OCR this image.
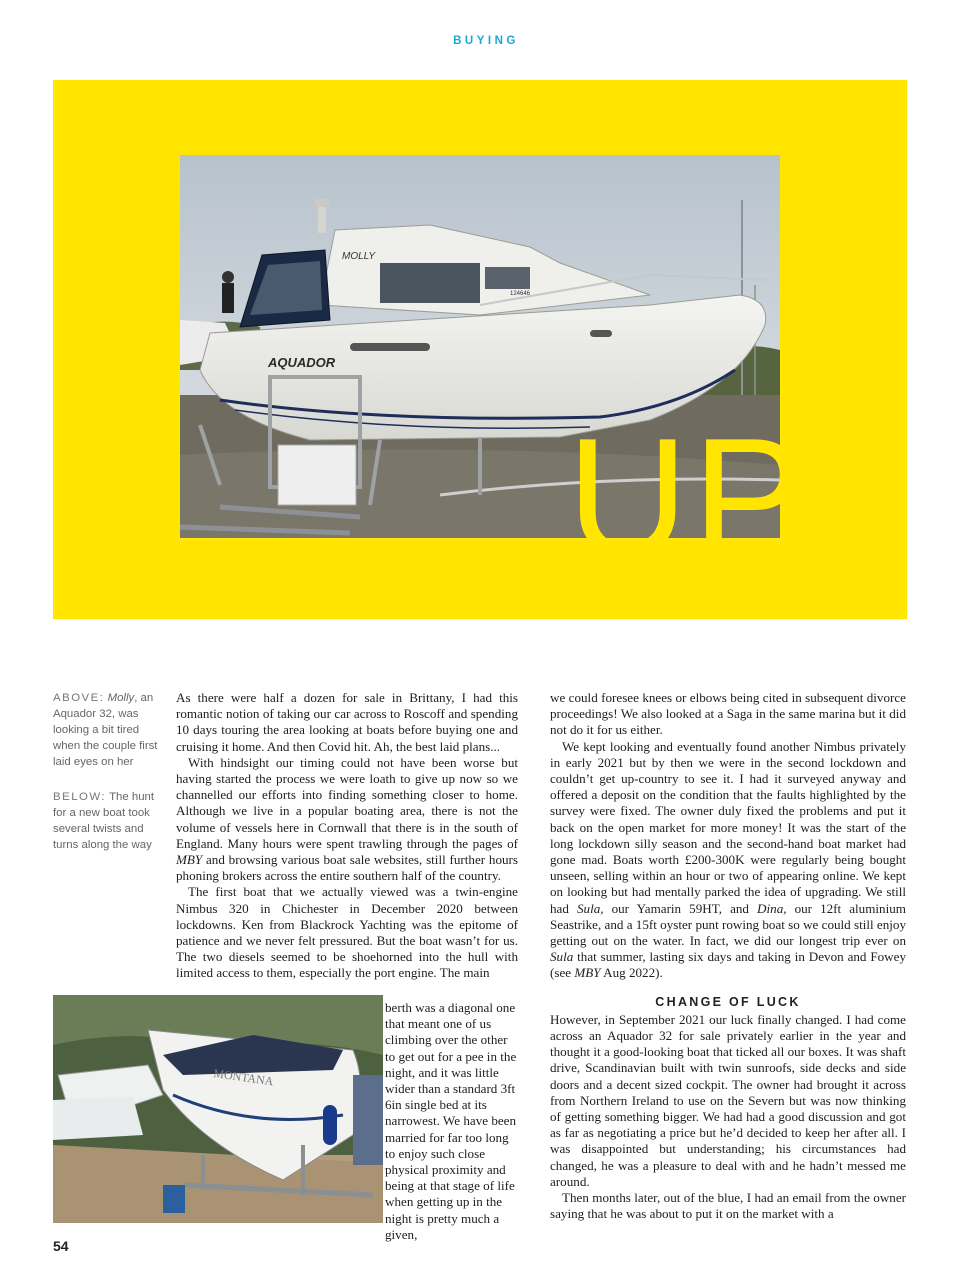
BUYING
MOLLY
AQUADOR
124646
UP
ABOVE: Molly, an Aquador 32, was looking a bit tired when the couple first laid eyes on her
BELOW: The hunt for a new boat took several twists and turns along the way

As there were half a dozen for sale in Brittany, I had this romantic notion of taking our car across to Roscoff and spending 10 days touring the area looking at boats before buying one and cruising it home. And then Covid hit. Ah, the best laid plans...

With hindsight our timing could not have been worse but having started the process we were loath to give up now so we channelled our efforts into finding something closer to home. Although we live in a popular boating area, there is not the volume of vessels here in Cornwall that there is in the south of England. Many hours were spent trawling through the pages of MBY and browsing various boat sale websites, still further hours phoning brokers across the entire southern half of the country.

The first boat that we actually viewed was a twin-engine Nimbus 320 in Chichester in December 2020 between lockdowns. Ken from Blackrock Yachting was the epitome of patience and we never felt pressured. But the boat wasn’t for us. The two diesels seemed to be shoehorned into the hull with limited access to them, especially the port engine. The main

MONTANA

berth was a diagonal one that meant one of us climbing over the other to get out for a pee in the night, and it was little wider than a standard 3ft 6in single bed at its narrowest. We have been married for far too long to enjoy such close physical proximity and being at that stage of life when getting up in the night is pretty much a given,

we could foresee knees or elbows being cited in subsequent divorce proceedings! We also looked at a Saga in the same marina but it did not do it for us either.

We kept looking and eventually found another Nimbus privately in early 2021 but by then we were in the second lockdown and couldn’t get up-country to see it. I had it surveyed anyway and offered a deposit on the condition that the faults highlighted by the survey were fixed. The owner duly fixed the problems and put it back on the open market for more money! It was the start of the long lockdown silly season and the second-hand boat market had gone mad. Boats worth £200-300K were regularly being bought unseen, selling within an hour or two of appearing online. We kept on looking but had mentally parked the idea of upgrading. We still had Sula, our Yamarin 59HT, and Dina, our 12ft aluminium Seastrike, and a 15ft oyster punt rowing boat so we could still enjoy getting out on the water. In fact, we did our longest trip ever on Sula that summer, lasting six days and taking in Devon and Fowey (see MBY Aug 2022).

CHANGE OF LUCK

However, in September 2021 our luck finally changed. I had come across an Aquador 32 for sale privately earlier in the year and thought it a good-looking boat that ticked all our boxes. It was shaft drive, Scandinavian built with twin sunroofs, side decks and side doors and a decent sized cockpit. The owner had brought it across from Northern Ireland to use on the Severn but was now thinking of getting something bigger. We had had a good discussion and got as far as negotiating a price but he’d decided to keep her after all. I was disappointed but understanding; his circumstances had changed, he was a pleasure to deal with and he hadn’t messed me around.

Then months later, out of the blue, I had an email from the owner saying that he was about to put it on the market with a

54
